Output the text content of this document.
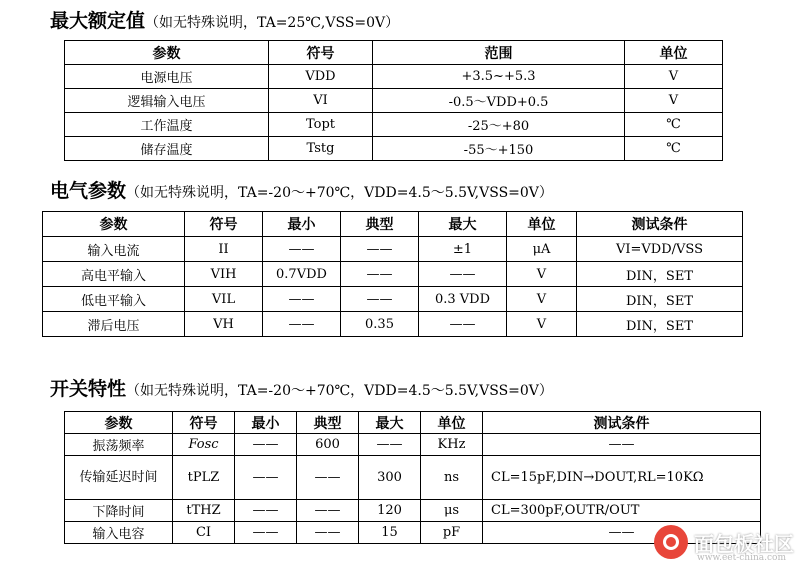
最大额定值（如无特殊说明，TA=25℃,VSS=0V）
参数	符号	范围	单位
电源电压	VDD	+3.5~+5.3	V
逻辑输入电压	VI	-0.5～VDD+0.5	V
工作温度	Topt	-25～+80	℃
储存温度	Tstg	-55～+150	℃
电气参数（如无特殊说明，TA=-20～+70℃，VDD=4.5～5.5V,VSS=0V）
参数	符号	最小	典型	最大	单位	测试条件
输入电流	II	——	——	±1	μA	VI=VDD/VSS
高电平输入	VIH	0.7VDD	——	——	V	DIN，SET
低电平输入	VIL	——	——	0.3 VDD	V	DIN，SET
滞后电压	VH	——	0.35	——	V	DIN，SET
开关特性（如无特殊说明，TA=-20～+70℃，VDD=4.5～5.5V,VSS=0V）
参数	符号	最小	典型	最大	单位	测试条件
振荡频率	Fosc	——	600	——	KHz	——
传输延迟时间	tPLZ	——	——	300	ns	CL=15pF,DIN→DOUT,RL=10KΩ
下降时间	tTHZ	——	——	120	μs	CL=300pF,OUTR/OUT
输入电容	CI	——	——	15	pF	——	面包板社区
www.eet-china.com
